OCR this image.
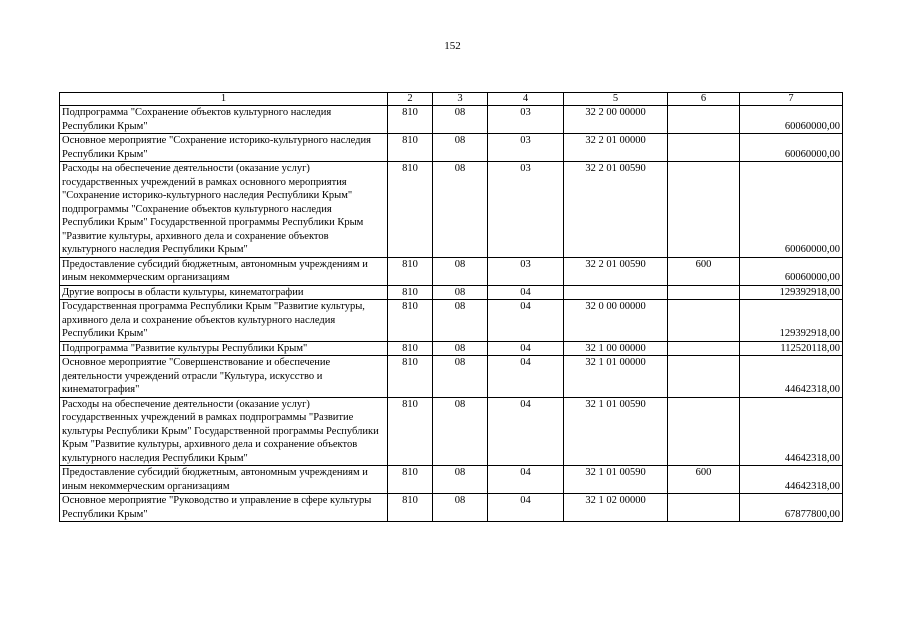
152
1	2	3	4	5	6	7
Подпрограмма "Сохранение объектов культурного наследия Республики Крым"	810	08	03	32 2 00 00000		60060000,00
Основное мероприятие "Сохранение историко-культурного наследия Республики Крым"	810	08	03	32 2 01 00000		60060000,00
Расходы на обеспечение деятельности (оказание услуг) государственных учреждений в рамках основного мероприятия "Сохранение историко-культурного наследия Республики Крым" подпрограммы "Сохранение объектов культурного наследия Республики Крым" Государственной программы Республики Крым "Развитие культуры, архивного дела и сохранение объектов культурного наследия Республики Крым"	810	08	03	32 2 01 00590		60060000,00
Предоставление субсидий бюджетным, автономным учреждениям и иным некоммерческим организациям	810	08	03	32 2 01 00590	600	60060000,00
Другие вопросы в области культуры, кинематографии	810	08	04			129392918,00
Государственная программа Республики Крым "Развитие культуры, архивного дела и сохранение объектов культурного наследия Республики Крым"	810	08	04	32 0 00 00000		129392918,00
Подпрограмма "Развитие культуры Республики Крым"	810	08	04	32 1 00 00000		112520118,00
Основное мероприятие "Совершенствование и обеспечение деятельности учреждений отрасли "Культура, искусство и кинематография"	810	08	04	32 1 01 00000		44642318,00
Расходы на обеспечение деятельности (оказание услуг) государственных учреждений в рамках подпрограммы "Развитие культуры Республики Крым" Государственной программы Республики Крым "Развитие культуры, архивного дела и сохранение объектов культурного наследия Республики Крым"	810	08	04	32 1 01 00590		44642318,00
Предоставление субсидий бюджетным, автономным учреждениям и иным некоммерческим организациям	810	08	04	32 1 01 00590	600	44642318,00
Основное мероприятие "Руководство и управление в сфере культуры Республики Крым"	810	08	04	32 1 02 00000		67877800,00
